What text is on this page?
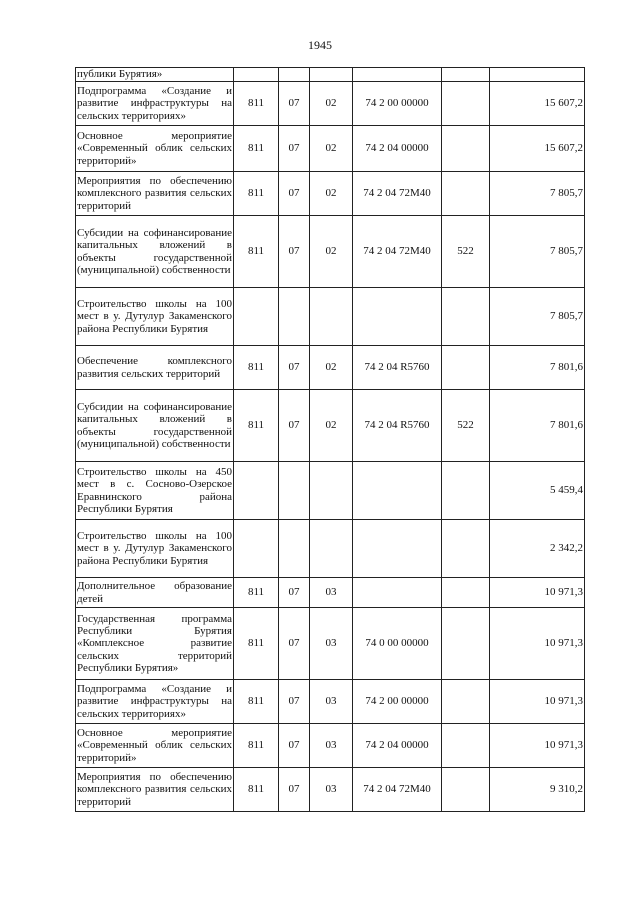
1945
публики Бурятия»						
Подпрограмма «Создание и развитие инфраструктуры на сельских территориях»	811	07	02	74 2 00 00000		15 607,2
Основное мероприятие «Современный облик сельских территорий»	811	07	02	74 2 04 00000		15 607,2
Мероприятия по обеспечению комплексного развития сельских территорий	811	07	02	74 2 04 72М40		7 805,7
Субсидии на софинансирование капитальных вложений в объекты государственной (муниципальной) собственности	811	07	02	74 2 04 72М40	522	7 805,7
Строительство школы на 100 мест в у. Дутулур Закаменского района Республики Бурятия						7 805,7
Обеспечение комплексного развития сельских территорий	811	07	02	74 2 04 R5760		7 801,6
Субсидии на софинансирование капитальных вложений в объекты государственной (муниципальной) собственности	811	07	02	74 2 04 R5760	522	7 801,6
Строительство школы на 450 мест в с. Сосново-Озерское Еравнинского района Республики Бурятия						5 459,4
Строительство школы на 100 мест в у. Дутулур Закаменского района Республики Бурятия						2 342,2
Дополнительное образование детей	811	07	03			10 971,3
Государственная программа Республики Бурятия «Комплексное развитие сельских территорий Республики Бурятия»	811	07	03	74 0 00 00000		10 971,3
Подпрограмма «Создание и развитие инфраструктуры на сельских территориях»	811	07	03	74 2 00 00000		10 971,3
Основное мероприятие «Современный облик сельских территорий»	811	07	03	74 2 04 00000		10 971,3
Мероприятия по обеспечению комплексного развития сельских территорий	811	07	03	74 2 04 72М40		9 310,2
